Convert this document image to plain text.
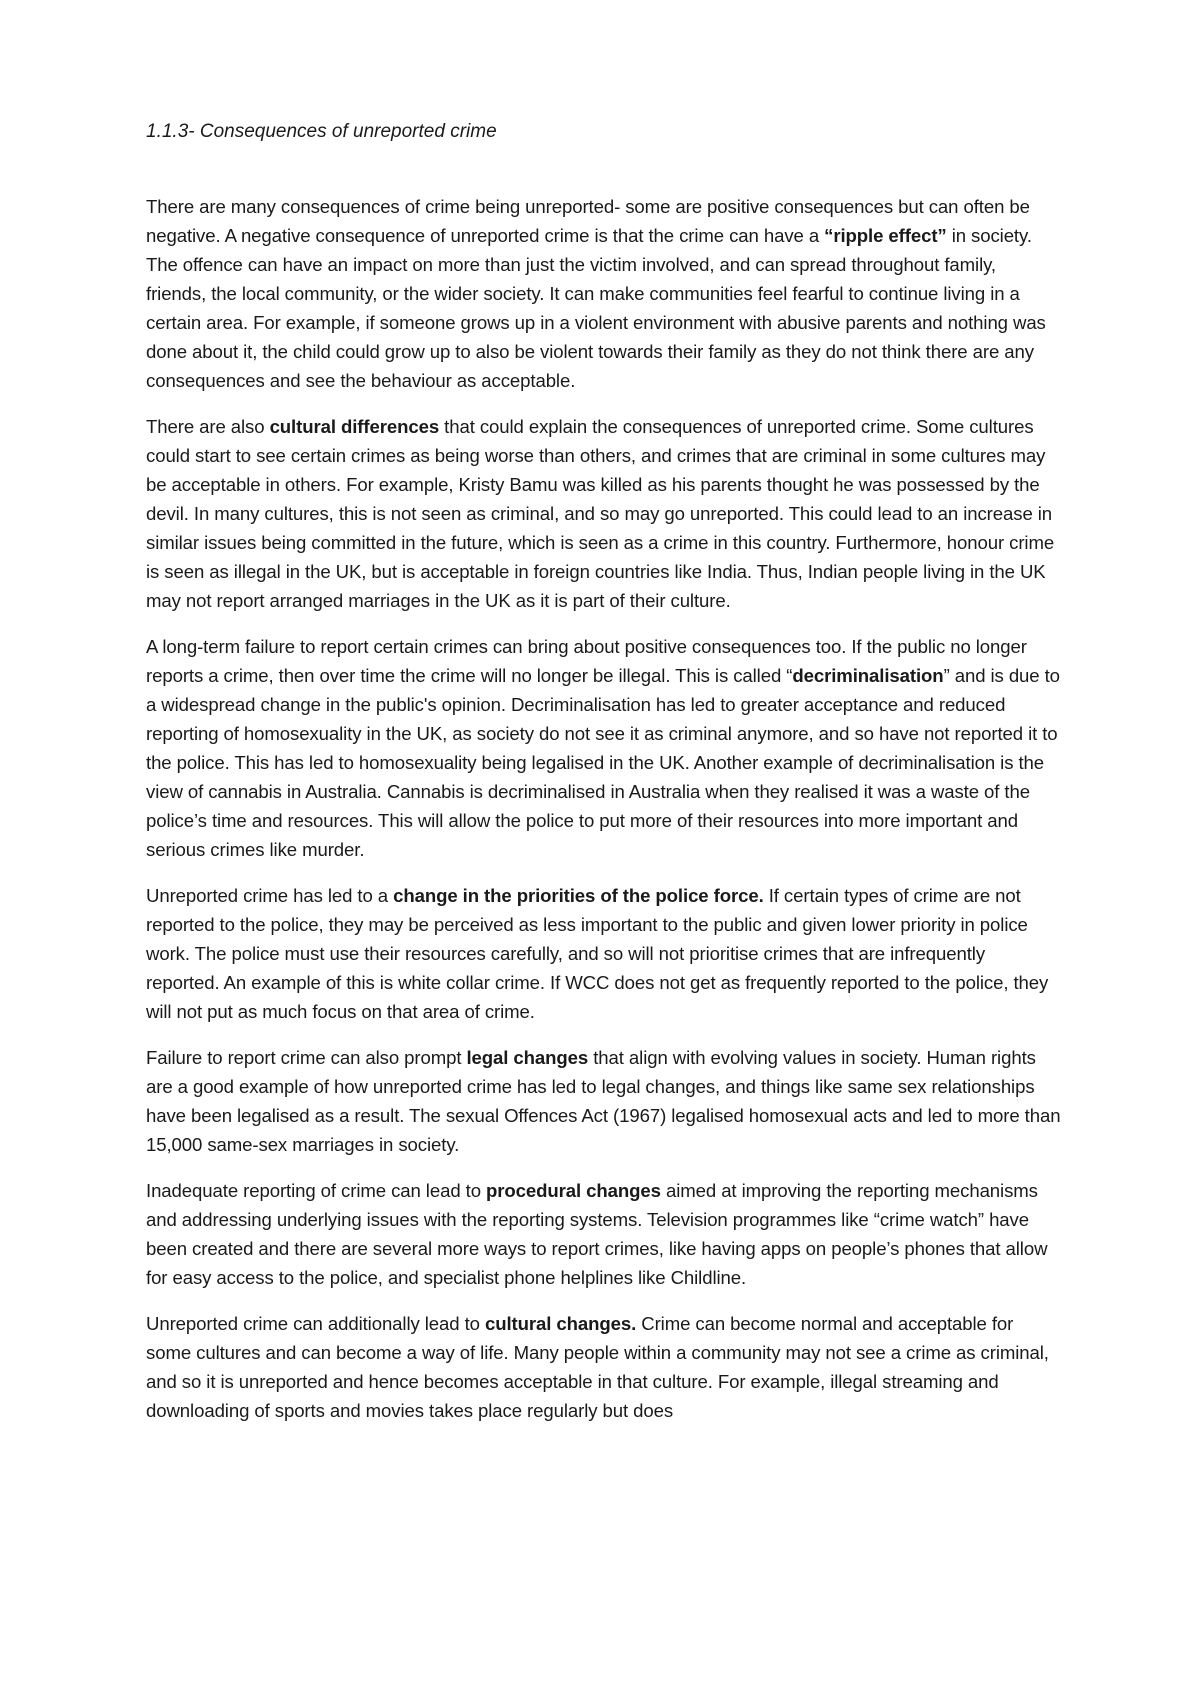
1.1.3- Consequences of unreported crime

There are many consequences of crime being unreported- some are positive consequences but can often be negative. A negative consequence of unreported crime is that the crime can have a “ripple effect” in society. The offence can have an impact on more than just the victim involved, and can spread throughout family, friends, the local community, or the wider society. It can make communities feel fearful to continue living in a certain area. For example, if someone grows up in a violent environment with abusive parents and nothing was done about it, the child could grow up to also be violent towards their family as they do not think there are any consequences and see the behaviour as acceptable.

There are also cultural differences that could explain the consequences of unreported crime. Some cultures could start to see certain crimes as being worse than others, and crimes that are criminal in some cultures may be acceptable in others. For example, Kristy Bamu was killed as his parents thought he was possessed by the devil. In many cultures, this is not seen as criminal, and so may go unreported. This could lead to an increase in similar issues being committed in the future, which is seen as a crime in this country. Furthermore, honour crime is seen as illegal in the UK, but is acceptable in foreign countries like India. Thus, Indian people living in the UK may not report arranged marriages in the UK as it is part of their culture.

A long-term failure to report certain crimes can bring about positive consequences too. If the public no longer reports a crime, then over time the crime will no longer be illegal. This is called “decriminalisation” and is due to a widespread change in the public's opinion. Decriminalisation has led to greater acceptance and reduced reporting of homosexuality in the UK, as society do not see it as criminal anymore, and so have not reported it to the police. This has led to homosexuality being legalised in the UK. Another example of decriminalisation is the view of cannabis in Australia. Cannabis is decriminalised in Australia when they realised it was a waste of the police’s time and resources. This will allow the police to put more of their resources into more important and serious crimes like murder.

Unreported crime has led to a change in the priorities of the police force. If certain types of crime are not reported to the police, they may be perceived as less important to the public and given lower priority in police work. The police must use their resources carefully, and so will not prioritise crimes that are infrequently reported. An example of this is white collar crime. If WCC does not get as frequently reported to the police, they will not put as much focus on that area of crime.

Failure to report crime can also prompt legal changes that align with evolving values in society. Human rights are a good example of how unreported crime has led to legal changes, and things like same sex relationships have been legalised as a result. The sexual Offences Act (1967) legalised homosexual acts and led to more than 15,000 same-sex marriages in society.

Inadequate reporting of crime can lead to procedural changes aimed at improving the reporting mechanisms and addressing underlying issues with the reporting systems. Television programmes like “crime watch” have been created and there are several more ways to report crimes, like having apps on people’s phones that allow for easy access to the police, and specialist phone helplines like Childline.

Unreported crime can additionally lead to cultural changes. Crime can become normal and acceptable for some cultures and can become a way of life. Many people within a community may not see a crime as criminal, and so it is unreported and hence becomes acceptable in that culture. For example, illegal streaming and downloading of sports and movies takes place regularly but does
